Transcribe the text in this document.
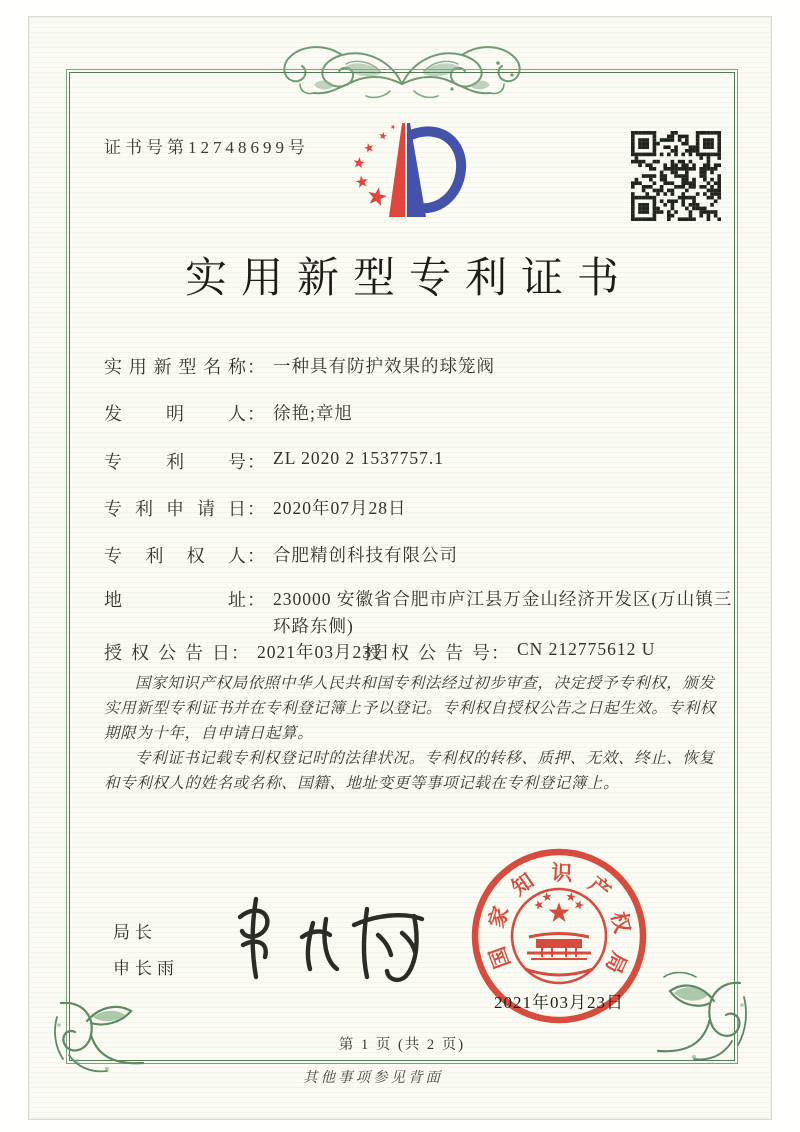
证书号第12748699号
实用新型专利证书
实用新型名称： 一种具有防护效果的球笼阀
发明人： 徐艳;章旭
专利号： ZL 2020 2 1537757.1
专利申请日： 2020年07月28日
专利权人： 合肥精创科技有限公司
地址： 230000 安徽省合肥市庐江县万金山经济开发区(万山镇三环路东侧)
授权公告日： 2021年03月23日
授权公告号： CN 212775612 U

国家知识产权局依照中华人民共和国专利法经过初步审查，决定授予专利权，颁发实用新型专利证书并在专利登记簿上予以登记。专利权自授权公告之日起生效。专利权期限为十年，自申请日起算。

专利证书记载专利权登记时的法律状况。专利权的转移、质押、无效、终止、恢复和专利权人的姓名或名称、国籍、地址变更等事项记载在专利登记簿上。

局长
申长雨	国
家
知 识 产
权
局
2021年03月23日
第 1 页 (共 2 页)
其他事项参见背面
